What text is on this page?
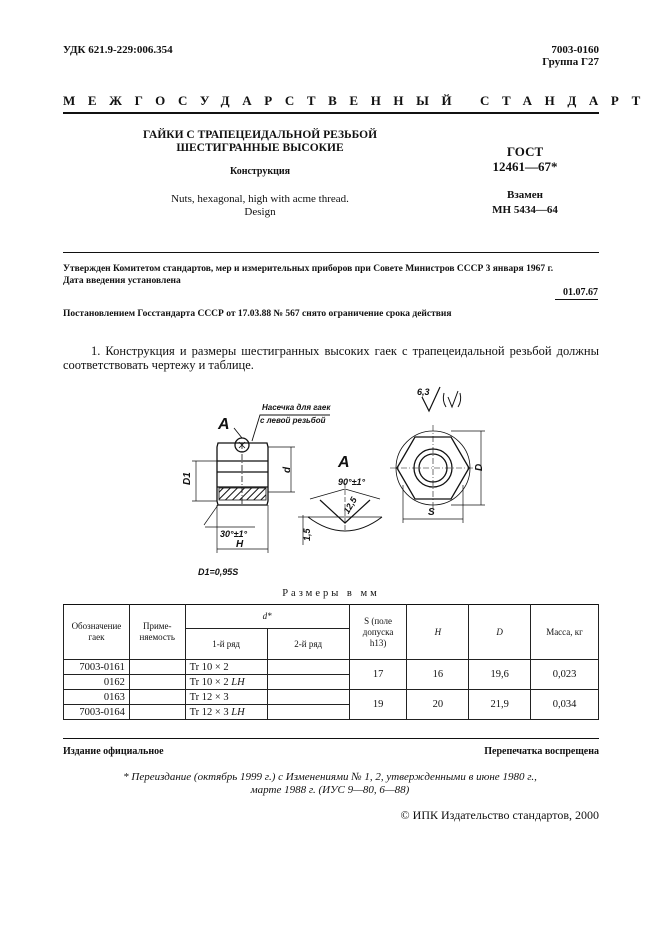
УДК 621.9-229:006.354	7003-0160
Группа Г27
МЕЖГОСУДАРСТВЕННЫЙ СТАНДАРТ
ГАЙКИ С ТРАПЕЦЕИДАЛЬНОЙ РЕЗЬБОЙ
ШЕСТИГРАННЫЕ ВЫСОКИЕ
Конструкция
Nuts, hexagonal, high with acme thread.
Design
ГОСТ
12461—67*
Взамен
МН 5434—64
Утвержден Комитетом стандартов, мер и измерительных приборов при Совете Министров СССР 3 января 1967 г.
Дата введения установлена
01.07.67
Постановлением Госстандарта СССР от 17.03.88 № 567 снято ограничение срока действия
1. Конструкция и размеры шестигранных высоких гаек с трапецеидальной резьбой должны соответствовать чертежу и таблице.
А
Насечка для гаек
с левой резьбой
D1
d
H
30°±1°
А
90°±1°
12,5
1,5
6,3
S
D
D1=0,95S
Размеры в мм
Обозначение гаек	Приме-няемость	d*		S (поле допуска h13)	H	D	Масса, кг
		1-й ряд	2-й ряд				
7003-0161		Tr 10 × 2		17	16	19,6	0,023
0162		Tr 10 × 2 LH					
0163		Tr 12 × 3		19	20	21,9	0,034
7003-0164		Tr 12 × 3 LH					
Издание официальное	Перепечатка воспрещена
* Переиздание (октябрь 1999 г.) с Изменениями № 1, 2, утвержденными в июне 1980 г.,
марте 1988 г. (ИУС 9—80, 6—88)
© ИПК Издательство стандартов, 2000
